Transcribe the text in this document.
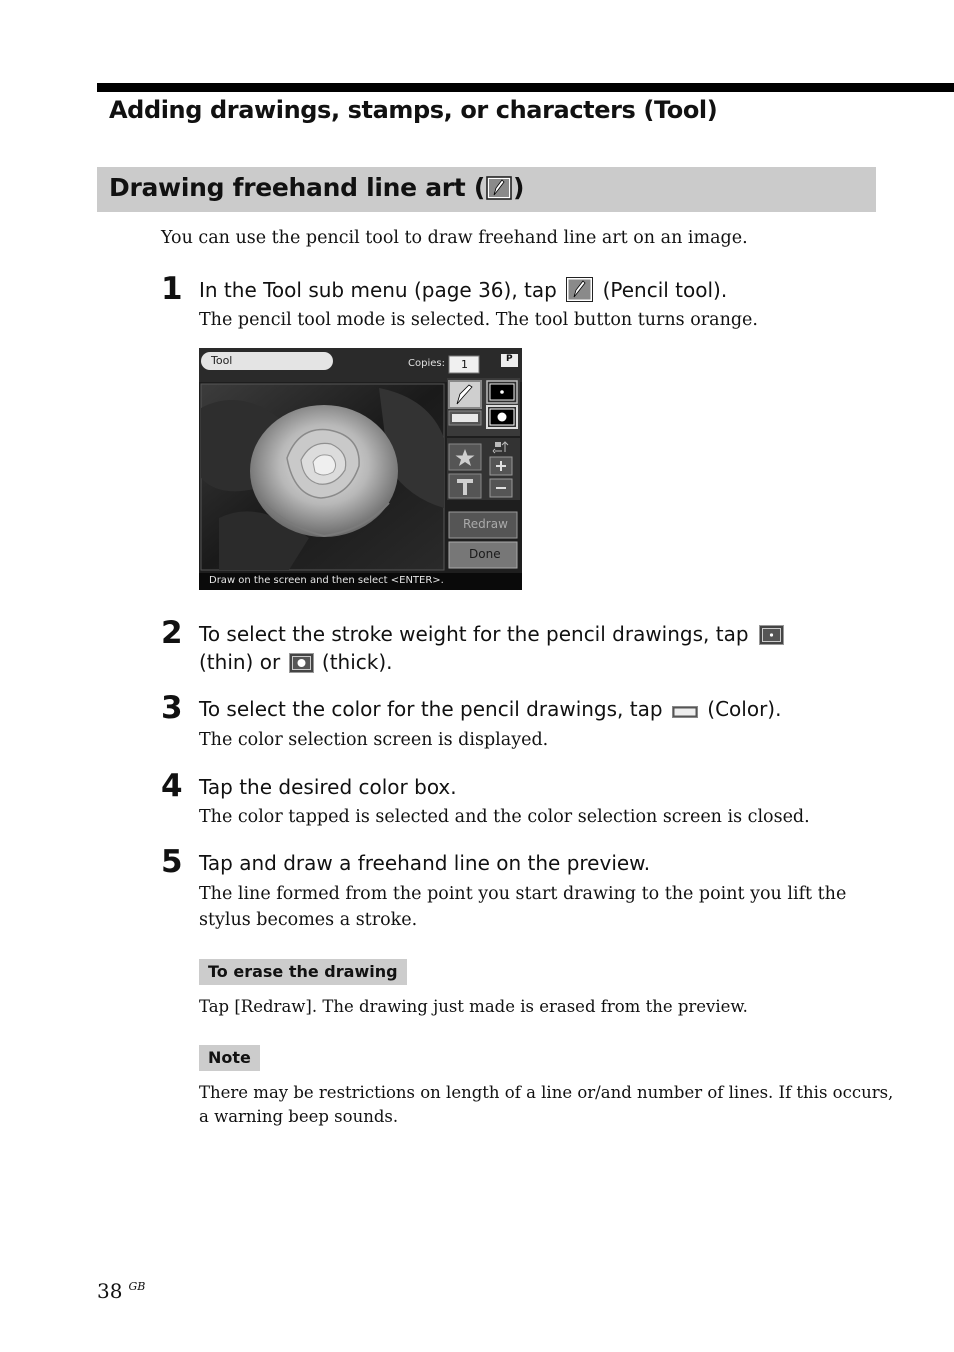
Adding drawings, stamps, or characters (Tool)
Drawing freehand line art ( )
You can use the pencil tool to draw freehand line art on an image.
1 In the Tool sub menu (page 36), tap (Pencil tool).
The pencil tool mode is selected. The tool button turns orange.
Tool	Copies: 1	P
Redraw
Done
Draw on the screen and then select <ENTER>.
2 To select the stroke weight for the pencil drawings, tap
(thin) or (thick).
3 To select the color for the pencil drawings, tap (Color).
The color selection screen is displayed.
4 Tap the desired color box.
The color tapped is selected and the color selection screen is closed.
5 Tap and draw a freehand line on the preview.
The line formed from the point you start drawing to the point you lift the
stylus becomes a stroke.
To erase the drawing
Tap [Redraw]. The drawing just made is erased from the preview.
Note
There may be restrictions on length of a line or/and number of lines. If this occurs,
a warning beep sounds.
38 $^{GB}$
